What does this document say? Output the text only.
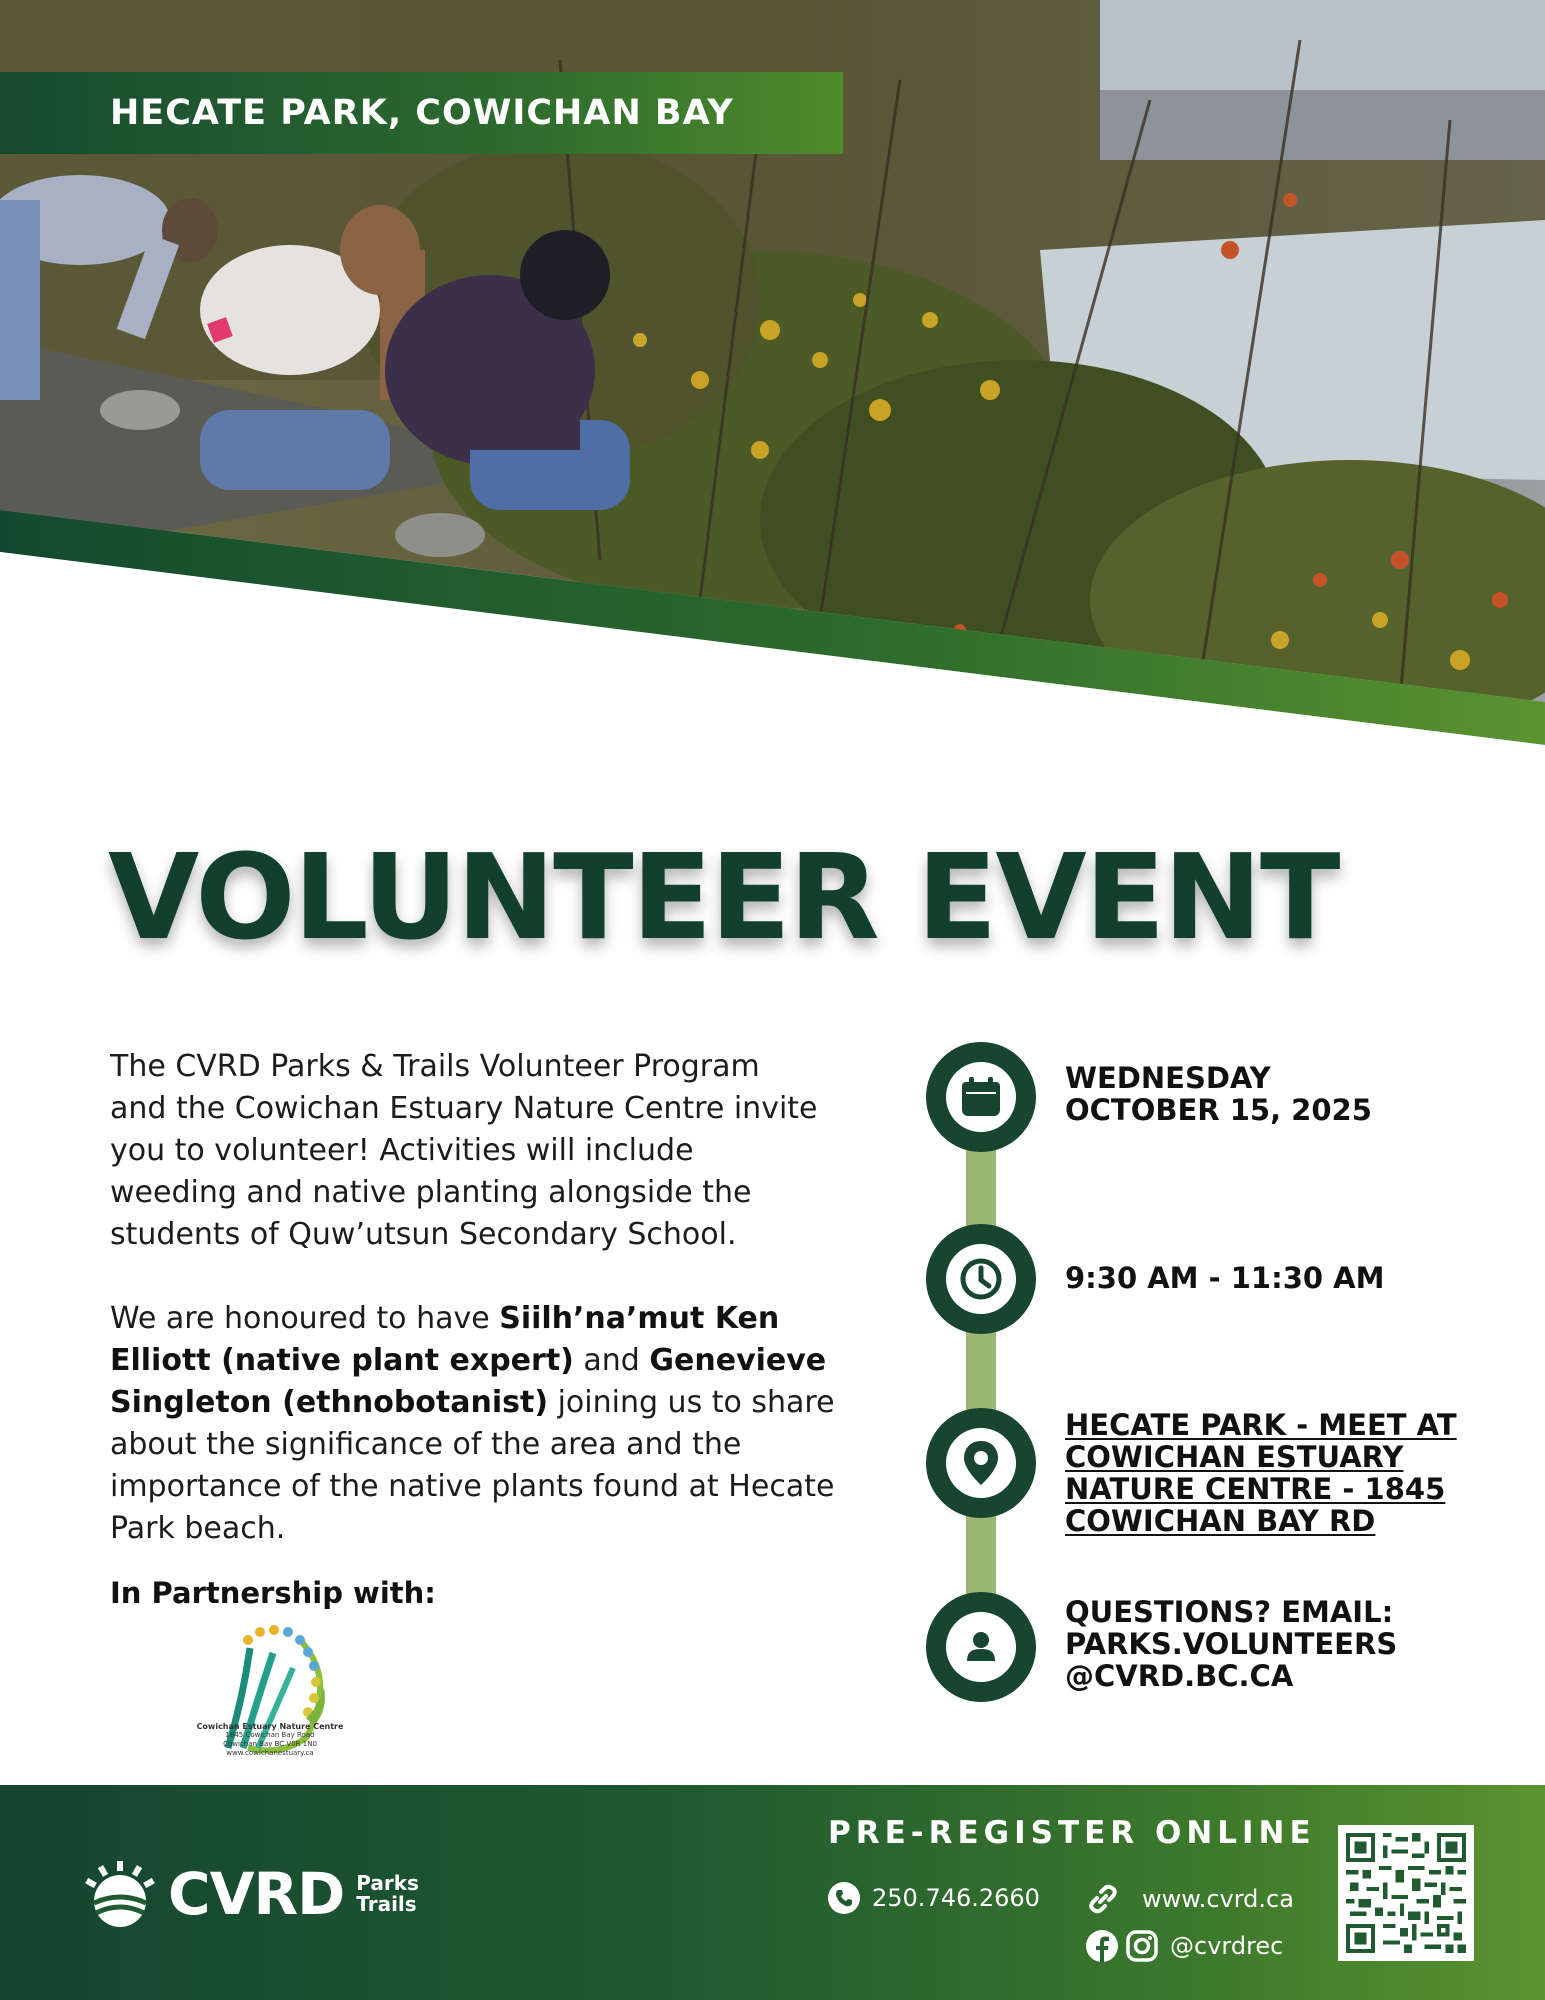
HECATE PARK, COWICHAN BAY
VOLUNTEER EVENT
The CVRD Parks & Trails Volunteer Program
and the Cowichan Estuary Nature Centre invite
you to volunteer! Activities will include
weeding and native planting alongside the
students of Quw’utsun Secondary School.
We are honoured to have Siilh’na’mut Ken Elliott (native plant expert) and Genevieve Singleton (ethnobotanist) joining us to share about the significance of the area and the importance of the native plants found at Hecate Park beach.
In Partnership with:
Cowichan Estuary Nature Centre
1845 Cowichan Bay Road
Cowichan Bay BC V0R 1N0
www.cowichanestuary.ca
WEDNESDAY
OCTOBER 15, 2025
9:30 AM - 11:30 AM
HECATE PARK - MEET AT
COWICHAN ESTUARY
NATURE CENTRE - 1845
COWICHAN BAY RD
QUESTIONS? EMAIL:
PARKS.VOLUNTEERS
@CVRD.BC.CA
CVRD Parks
Trails
PRE-REGISTER ONLINE
250.746.2660	www.cvrd.ca
@cvrdrec
